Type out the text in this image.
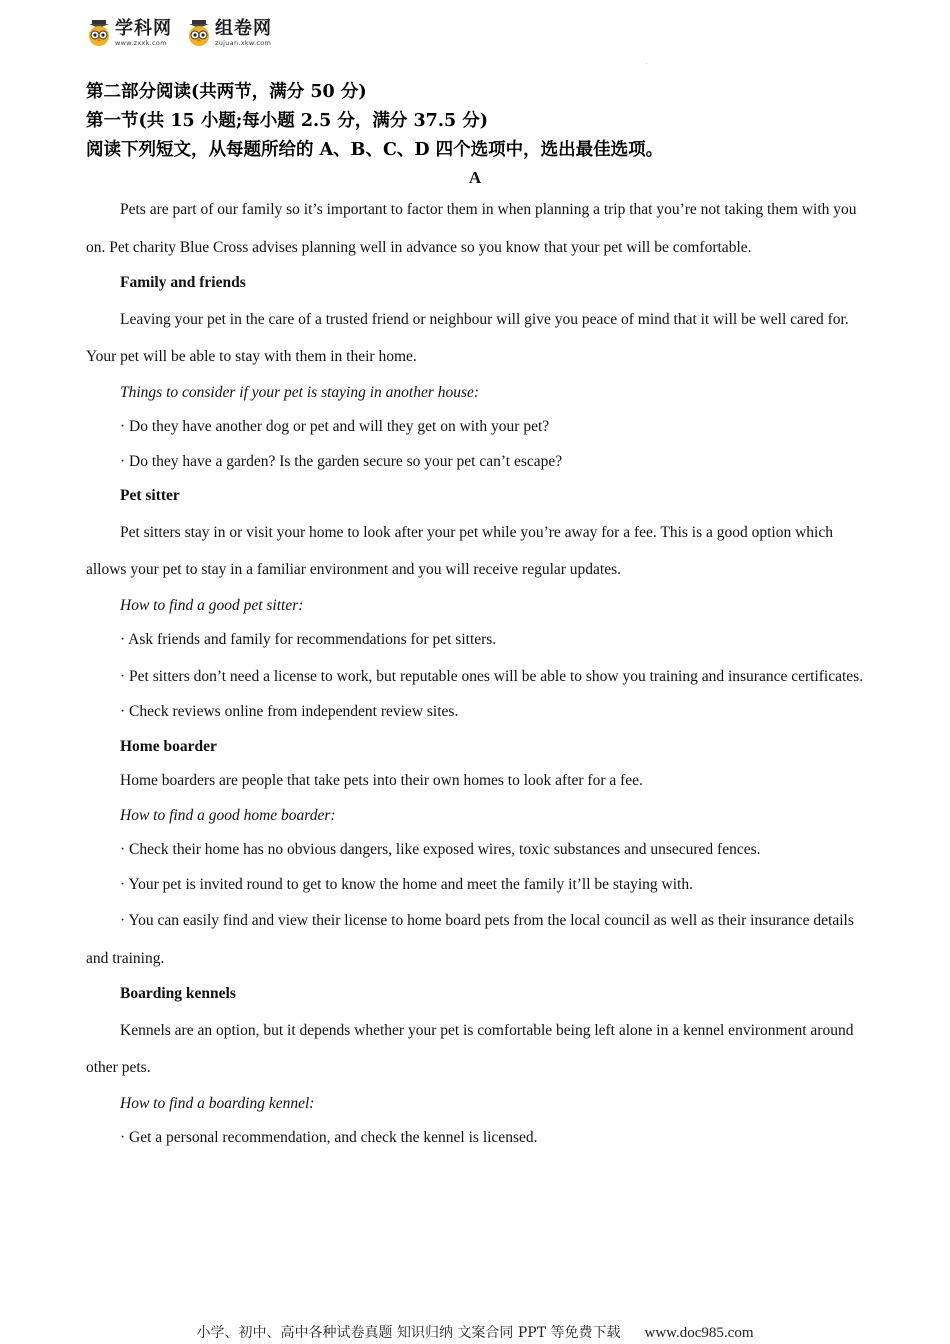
学科网
www.zxxk.com
组卷网
zujuan.xkw.com
.
第二部分阅读(共两节，满分 50 分)
第一节(共 15 小题;每小题 2.5 分，满分 37.5 分)
阅读下列短文，从每题所给的 A、B、C、D 四个选项中，选出最佳选项。
A

Pets are part of our family so it’s important to factor them in when planning a trip that you’re not taking them with you on. Pet charity Blue Cross advises planning well in advance so you know that your pet will be comfortable.

Family and friends

Leaving your pet in the care of a trusted friend or neighbour will give you peace of mind that it will be well cared for. Your pet will be able to stay with them in their home.

Things to consider if your pet is staying in another house:

· Do they have another dog or pet and will they get on with your pet?

· Do they have a garden? Is the garden secure so your pet can’t escape?

Pet sitter

Pet sitters stay in or visit your home to look after your pet while you’re away for a fee. This is a good option which allows your pet to stay in a familiar environment and you will receive regular updates.

How to find a good pet sitter:

· Ask friends and family for recommendations for pet sitters.

· Pet sitters don’t need a license to work, but reputable ones will be able to show you training and insurance certificates.

· Check reviews online from independent review sites.

Home boarder

Home boarders are people that take pets into their own homes to look after for a fee.

How to find a good home boarder:

· Check their home has no obvious dangers, like exposed wires, toxic substances and unsecured fences.

· Your pet is invited round to get to know the home and meet the family it’ll be staying with.

· You can easily find and view their license to home board pets from the local council as well as their insurance details and training.

Boarding kennels

Kennels are an option, but it depends whether your pet is comfortable being left alone in a kennel environment around other pets.

How to find a boarding kennel:

· Get a personal recommendation, and check the kennel is licensed.

小学、初中、高中各种试卷真题 知识归纳 文案合同 PPT 等免费下载 www.doc985.com
